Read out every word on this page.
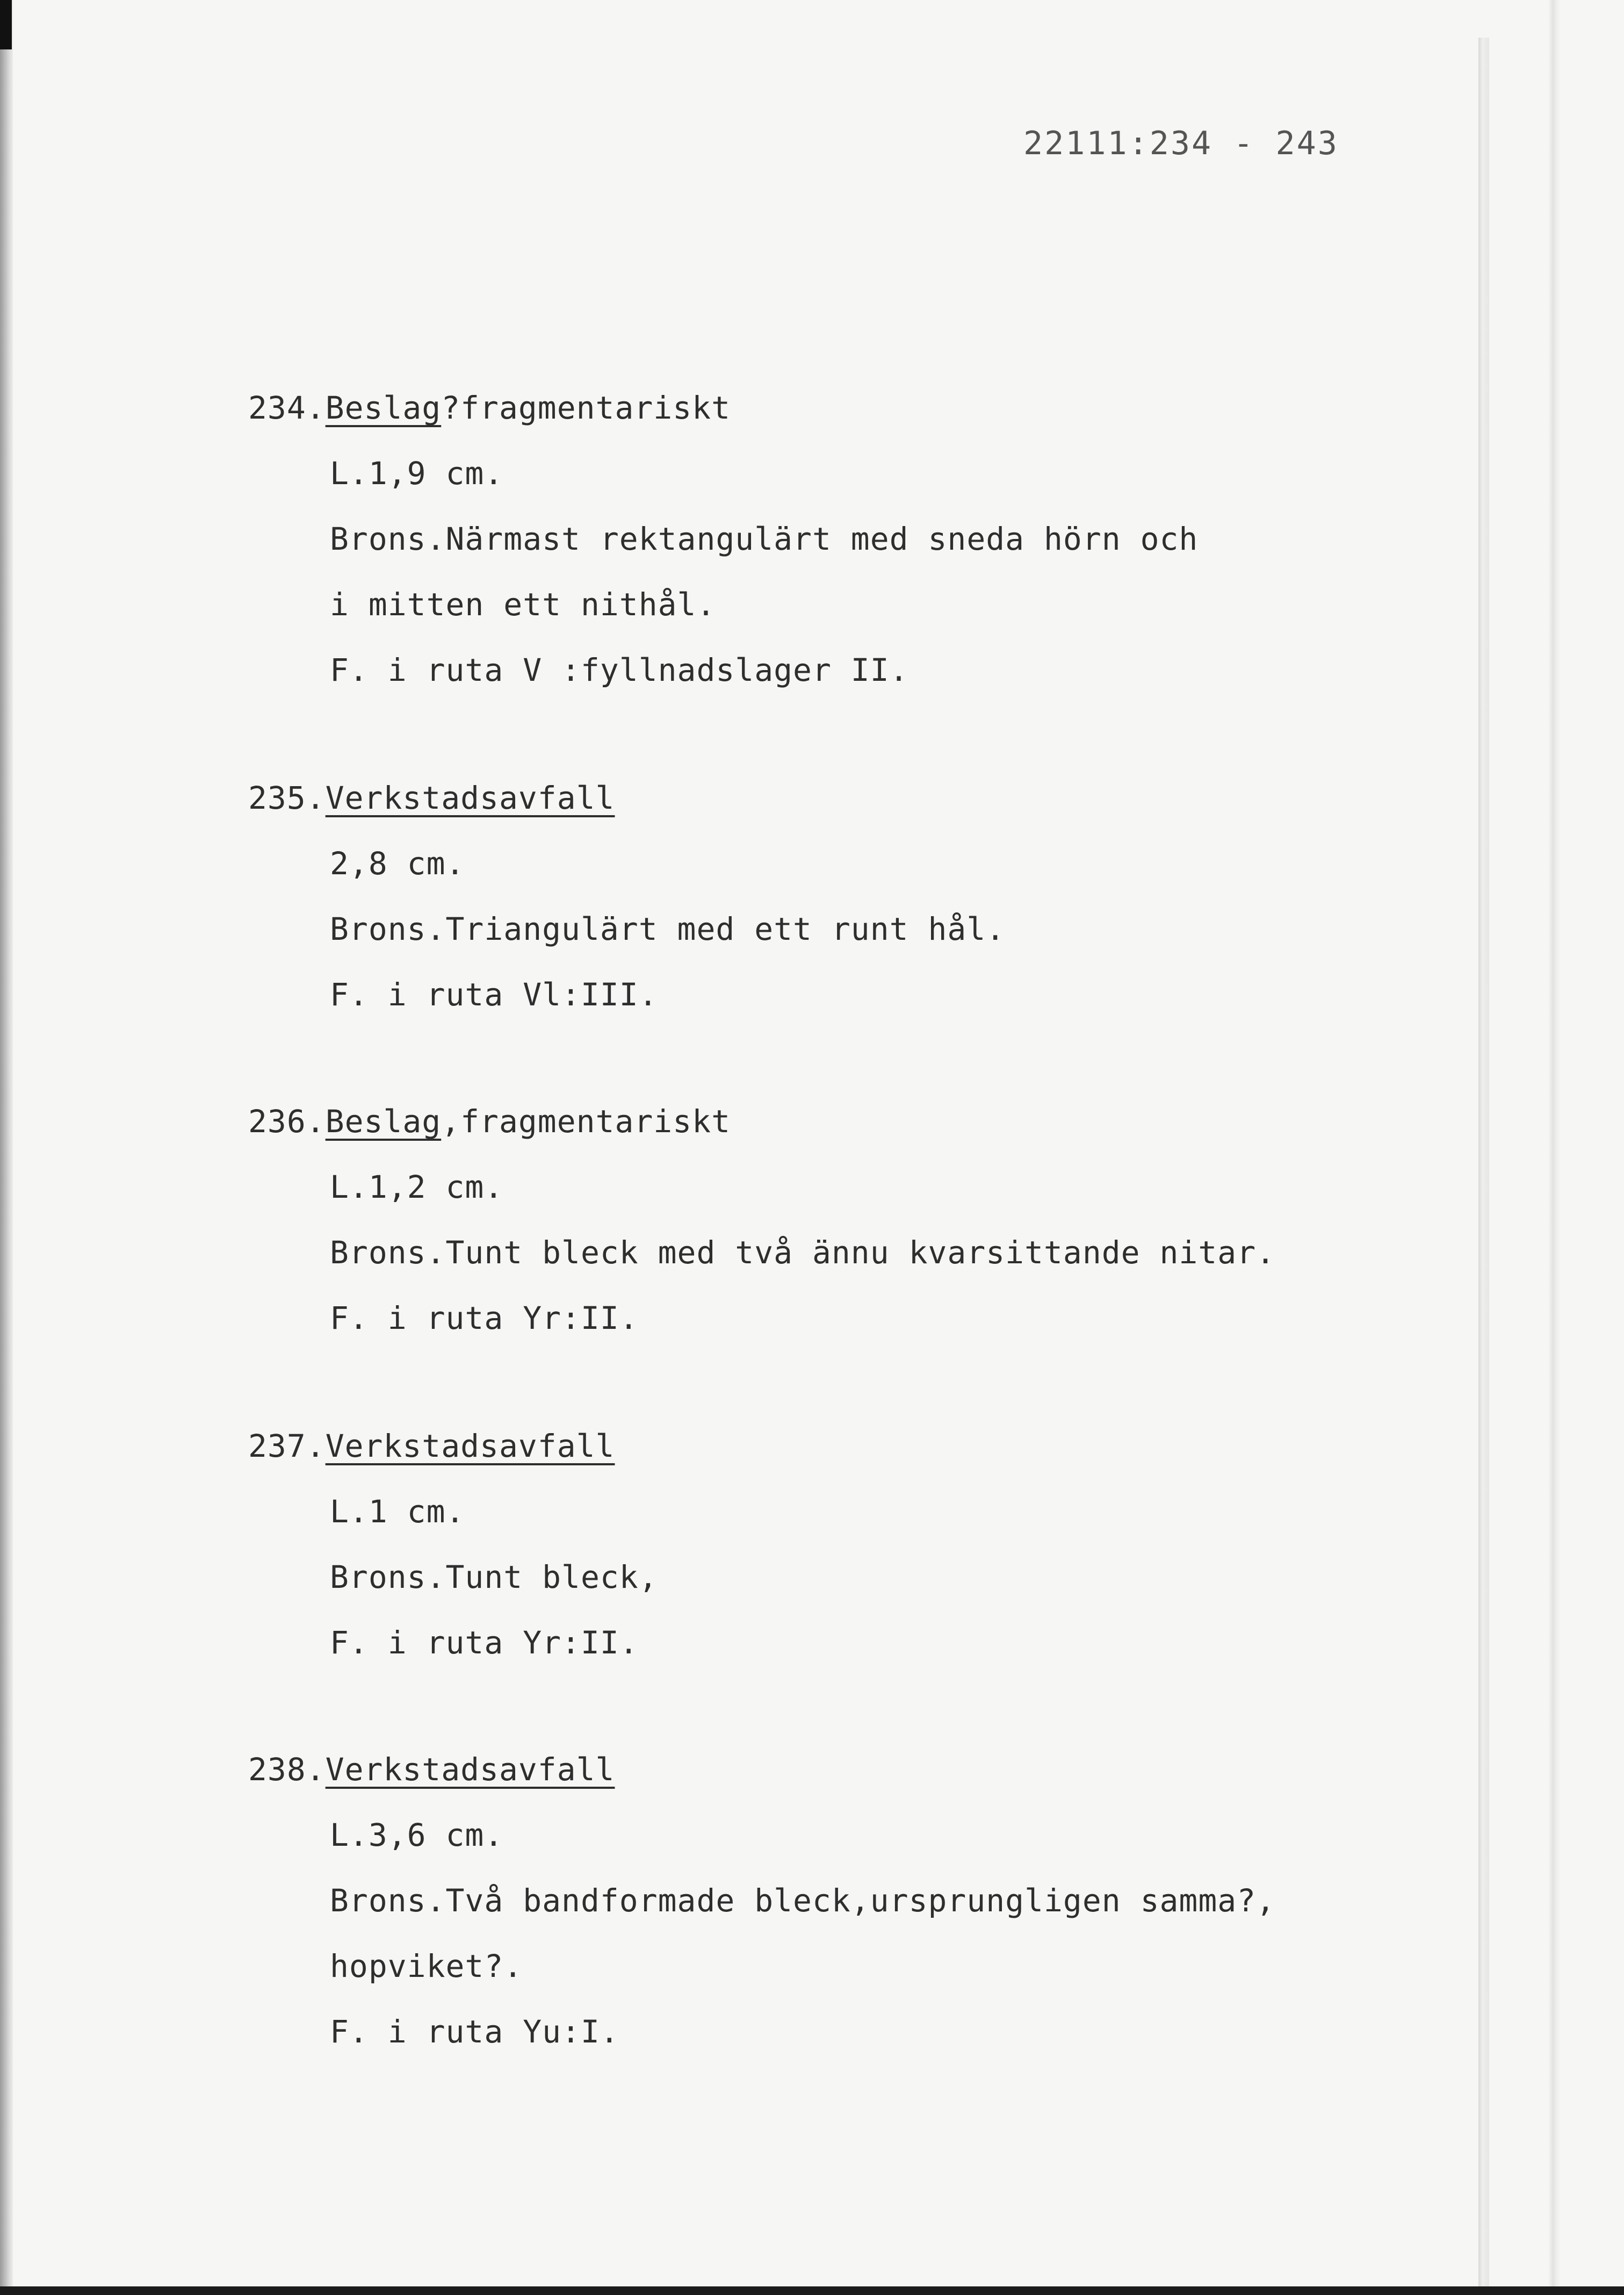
22111:234 - 243
234.Beslag?fragmentariskt
L.1,9 cm.
Brons.Närmast rektangulärt med sneda hörn och
i mitten ett nithål.
F. i ruta V :fyllnadslager II.
235.Verkstadsavfall
2,8 cm.
Brons.Triangulärt med ett runt hål.
F. i ruta Vl:III.
236.Beslag,fragmentariskt
L.1,2 cm.
Brons.Tunt bleck med två ännu kvarsittande nitar.
F. i ruta Yr:II.
237.Verkstadsavfall
L.1 cm.
Brons.Tunt bleck,
F. i ruta Yr:II.
238.Verkstadsavfall
L.3,6 cm.
Brons.Två bandformade bleck,ursprungligen samma?,
hopviket?.
F. i ruta Yu:I.
